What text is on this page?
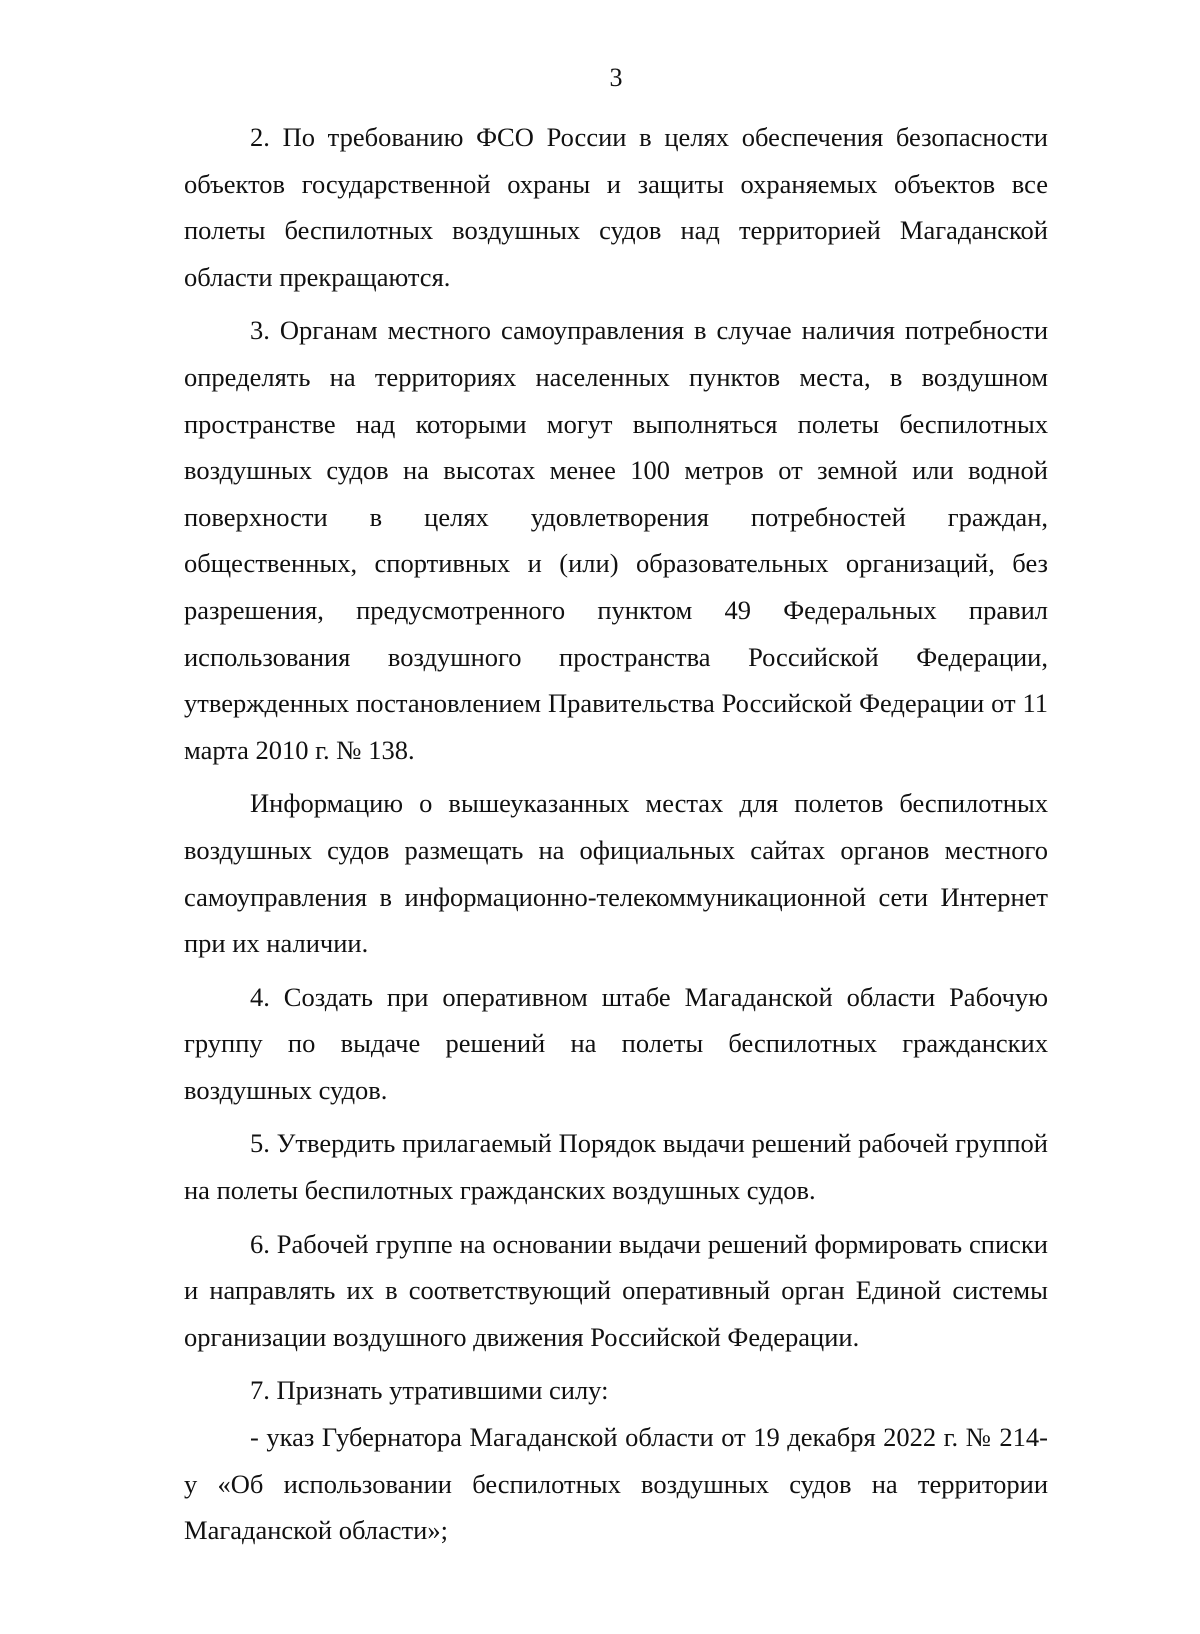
3

2. По требованию ФСО России в целях обеспечения безопасности объектов государственной охраны и защиты охраняемых объектов все полеты беспилотных воздушных судов над территорией Магаданской области прекращаются.

3. Органам местного самоуправления в случае наличия потребности определять на территориях населенных пунктов места, в воздушном пространстве над которыми могут выполняться полеты беспилотных воздушных судов на высотах менее 100 метров от земной или водной поверхности в целях удовлетворения потребностей граждан, общественных, спортивных и (или) образовательных организаций, без разрешения, предусмотренного пунктом 49 Федеральных правил использования воздушного пространства Российской Федерации, утвержденных постановлением Правительства Российской Федерации от 11 марта 2010 г. № 138.

Информацию о вышеуказанных местах для полетов беспилотных воздушных судов размещать на официальных сайтах органов местного самоуправления в информационно-телекоммуникационной сети Интернет при их наличии.

4. Создать при оперативном штабе Магаданской области Рабочую группу по выдаче решений на полеты беспилотных гражданских воздушных судов.

5. Утвердить прилагаемый Порядок выдачи решений рабочей группой на полеты беспилотных гражданских воздушных судов.

6. Рабочей группе на основании выдачи решений формировать списки и направлять их в соответствующий оперативный орган Единой системы организации воздушного движения Российской Федерации.

7. Признать утратившими силу:

- указ Губернатора Магаданской области от 19 декабря 2022 г. № 214-у «Об использовании беспилотных воздушных судов на территории Магаданской области»;
